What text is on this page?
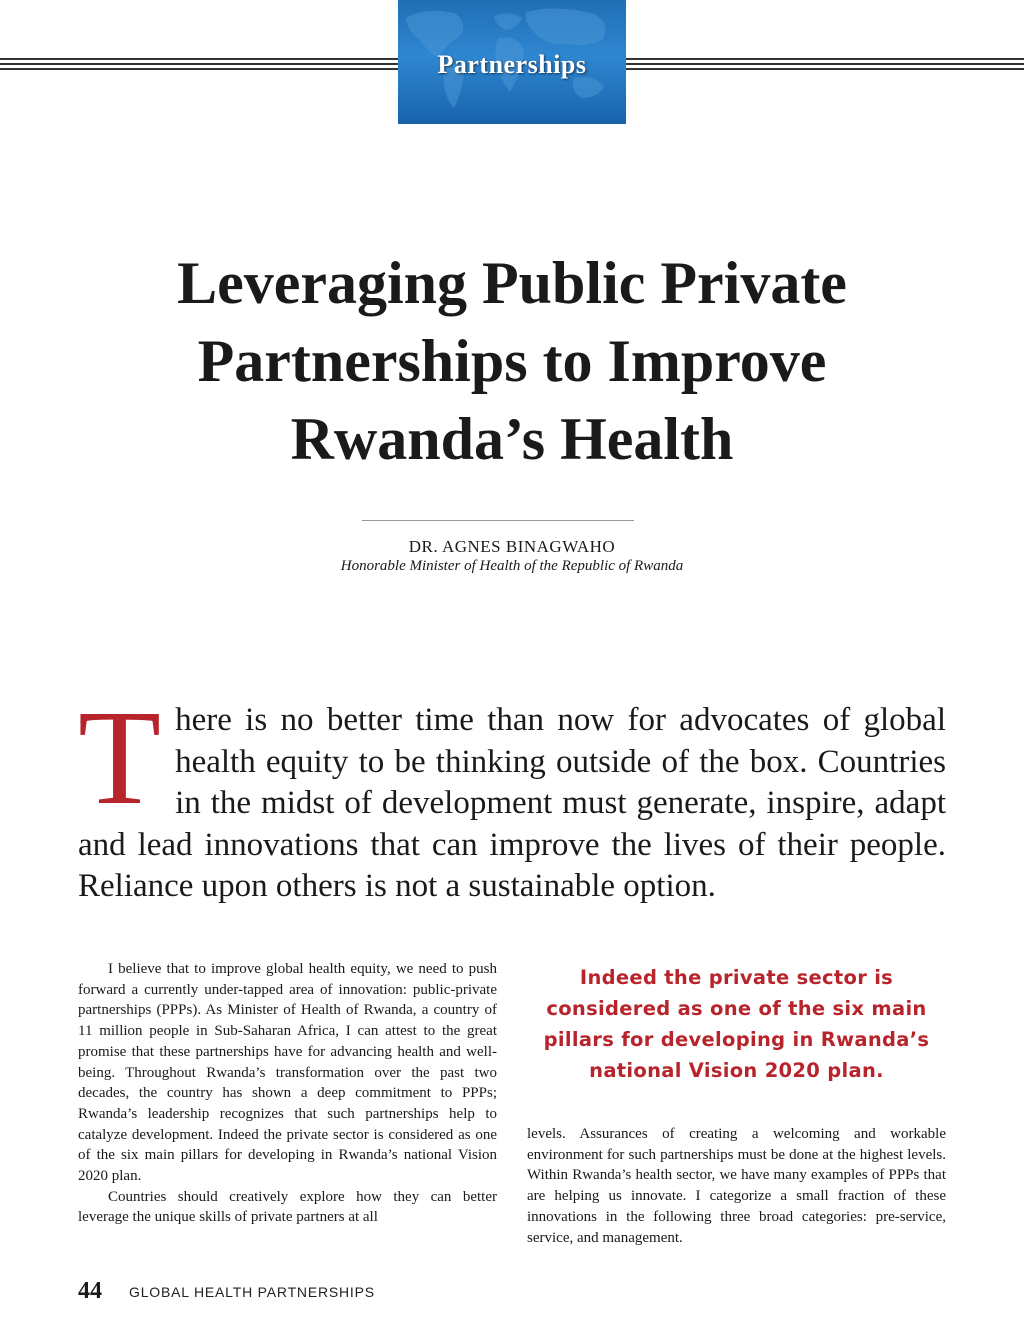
Partnerships
Leveraging Public Private
Partnerships to Improve
Rwanda’s Health
DR. AGNES BINAGWAHO
Honorable Minister of Health of the Republic of Rwanda
There is no better time than now for advocates of global health equity to be thinking outside of the box. Countries in the midst of development must generate, inspire, adapt and lead innovations that can improve the lives of their people. Reliance upon others is not a sustainable option.

I believe that to improve global health equity, we need to push forward a currently under-tapped area of innovation: public-private partnerships (PPPs). As Minister of Health of Rwanda, a country of 11 million people in Sub-Saharan Africa, I can attest to the great promise that these partnerships have for advancing health and well-being. Throughout Rwanda’s transformation over the past two decades, the country has shown a deep commitment to PPPs; Rwanda’s leadership recognizes that such partnerships help to catalyze development. Indeed the private sector is considered as one of the six main pillars for developing in Rwanda’s national Vision 2020 plan.

Countries should creatively explore how they can better leverage the unique skills of private partners at all

Indeed the private sector is considered as one of the six main pillars for developing in Rwanda’s national Vision 2020 plan.

levels. Assurances of creating a welcoming and workable environment for such partnerships must be done at the highest levels. Within Rwanda’s health sector, we have many examples of PPPs that are helping us innovate. I categorize a small fraction of these innovations in the following three broad categories: pre-service, service, and management.

44 GLOBAL HEALTH PARTNERSHIPS
